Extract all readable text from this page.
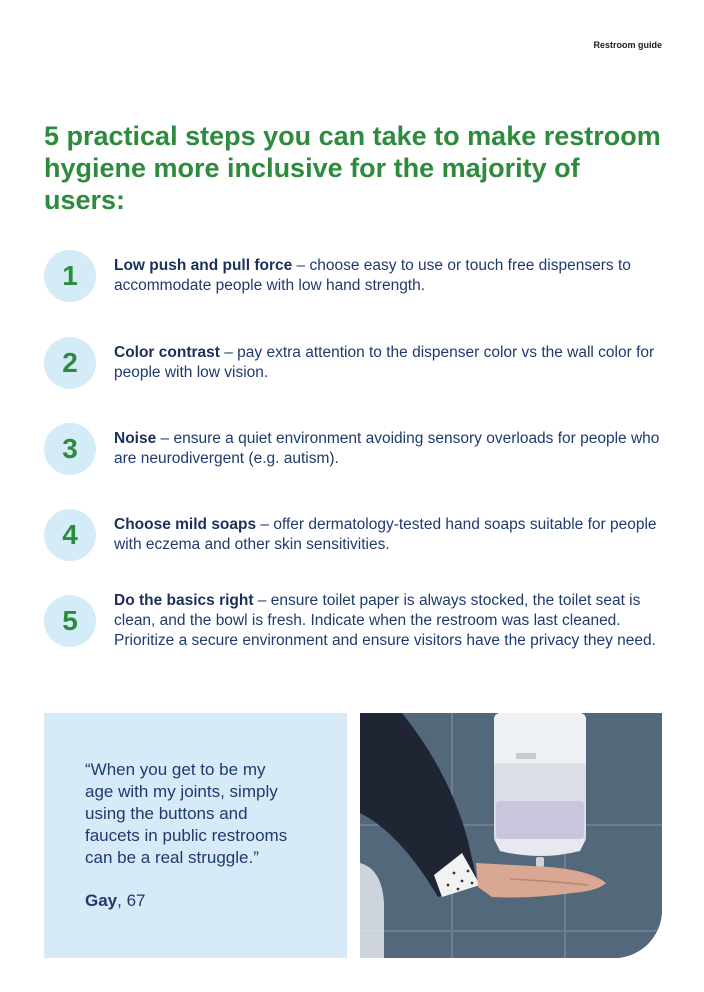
Restroom guide
5 practical steps you can take to make restroom hygiene more inclusive for the majority of users:
1	Low push and pull force – choose easy to use or touch free dispensers to accommodate people with low hand strength.
2	Color contrast – pay extra attention to the dispenser color vs the wall color for people with low vision.
3	Noise – ensure a quiet environment avoiding sensory overloads for people who are neurodivergent (e.g. autism).
4	Choose mild soaps – offer dermatology-tested hand soaps suitable for people with eczema and other skin sensitivities.
5
Do the basics right – ensure toilet paper is always stocked, the toilet seat is clean, and the bowl is fresh. Indicate when the restroom was last cleaned. Prioritize a secure environment and ensure visitors have the privacy they need.
“When you get to be my
age with my joints, simply
using the buttons and
faucets in public restrooms
can be a real struggle.”
Gay, 67
